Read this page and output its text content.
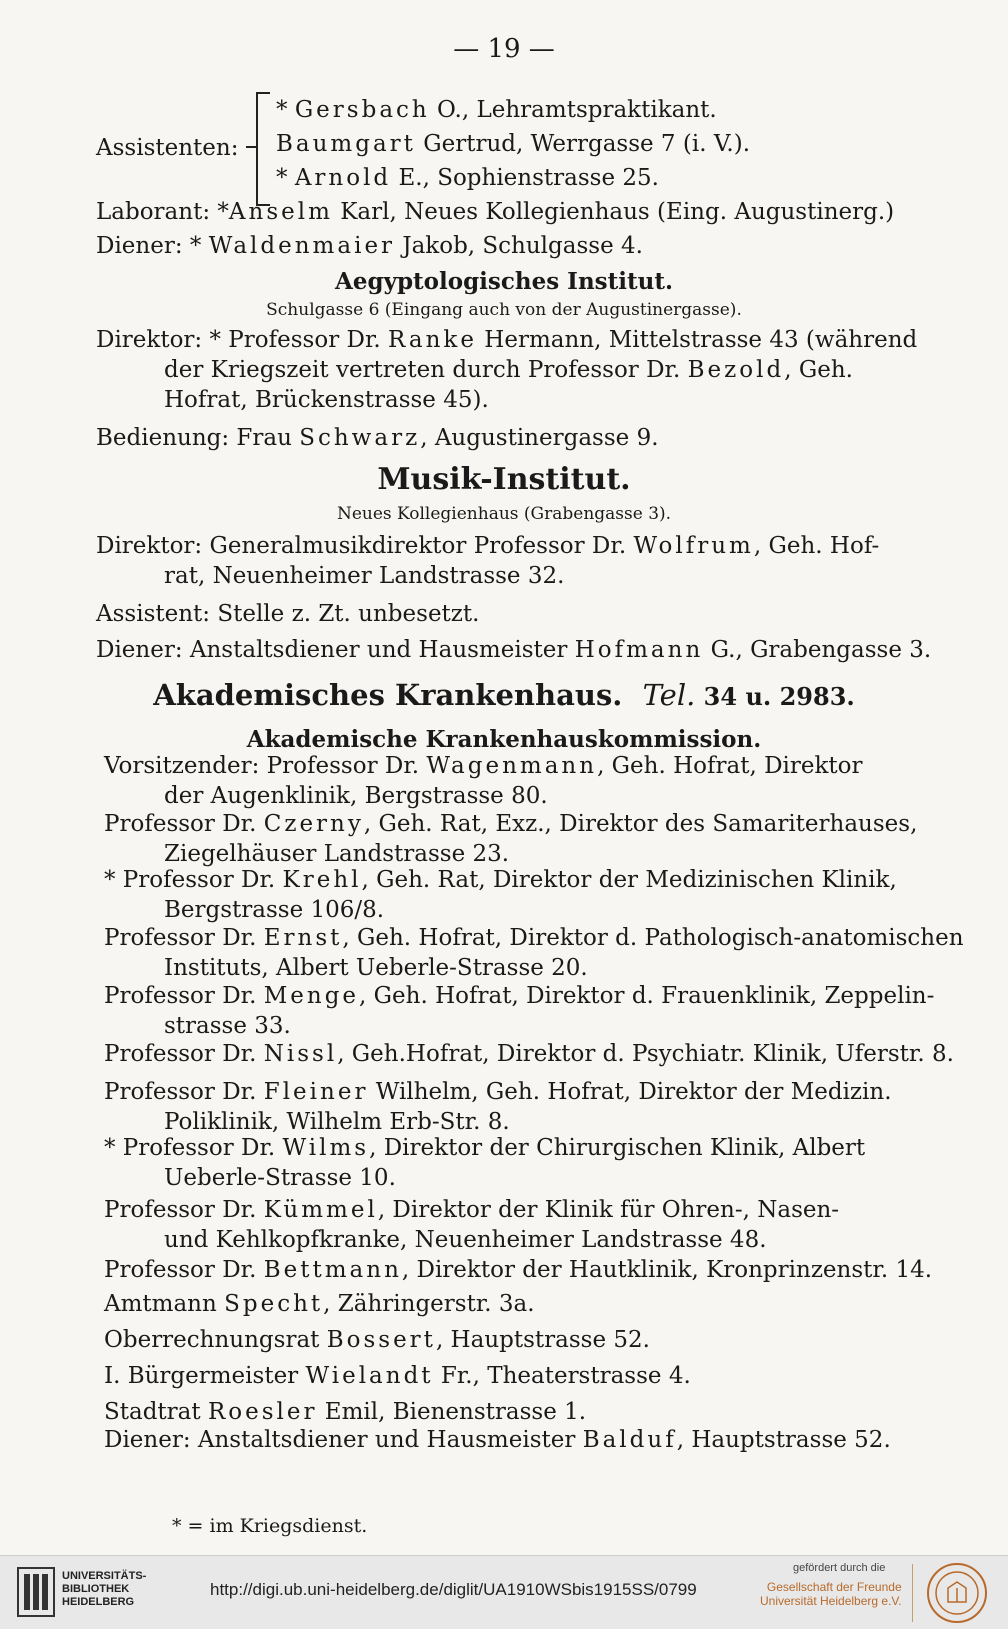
— 19 —
Assistenten:
* Gersbach O., Lehramtspraktikant.
Baumgart Gertrud, Werrgasse 7 (i. V.).
* Arnold E., Sophienstrasse 25.
Laborant: *Anselm Karl, Neues Kollegienhaus (Eing. Augustinerg.)
Diener: * Waldenmaier Jakob, Schulgasse 4.
Aegyptologisches Institut.
Schulgasse 6 (Eingang auch von der Augustinergasse).
Direktor: * Professor Dr. Ranke Hermann, Mittelstrasse 43 (während
der Kriegszeit vertreten durch Professor Dr. Bezold, Geh.
Hofrat, Brückenstrasse 45).
Bedienung: Frau Schwarz, Augustinergasse 9.
Musik-Institut.
Neues Kollegienhaus (Grabengasse 3).
Direktor: Generalmusikdirektor Professor Dr. Wolfrum, Geh. Hof-
rat, Neuenheimer Landstrasse 32.
Assistent: Stelle z. Zt. unbesetzt.
Diener: Anstaltsdiener und Hausmeister Hofmann G., Grabengasse 3.
Akademisches Krankenhaus. Tel. 34 u. 2983.
Akademische Krankenhauskommission.
Vorsitzender: Professor Dr. Wagenmann, Geh. Hofrat, Direktor
der Augenklinik, Bergstrasse 80.
Professor Dr. Czerny, Geh. Rat, Exz., Direktor des Samariterhauses,
Ziegelhäuser Landstrasse 23.
* Professor Dr. Krehl, Geh. Rat, Direktor der Medizinischen Klinik,
Bergstrasse 106/8.
Professor Dr. Ernst, Geh. Hofrat, Direktor d. Pathologisch-anatomischen
Instituts, Albert Ueberle-Strasse 20.
Professor Dr. Menge, Geh. Hofrat, Direktor d. Frauenklinik, Zeppelin-
strasse 33.
Professor Dr. Nissl, Geh.Hofrat, Direktor d. Psychiatr. Klinik, Uferstr. 8.
Professor Dr. Fleiner Wilhelm, Geh. Hofrat, Direktor der Medizin.
Poliklinik, Wilhelm Erb-Str. 8.
* Professor Dr. Wilms, Direktor der Chirurgischen Klinik, Albert
Ueberle-Strasse 10.
Professor Dr. Kümmel, Direktor der Klinik für Ohren-, Nasen-
und Kehlkopfkranke, Neuenheimer Landstrasse 48.
Professor Dr. Bettmann, Direktor der Hautklinik, Kronprinzenstr. 14.
Amtmann Specht, Zähringerstr. 3a.
Oberrechnungsrat Bossert, Hauptstrasse 52.
I. Bürgermeister Wielandt Fr., Theaterstrasse 4.
Stadtrat Roesler Emil, Bienenstrasse 1.
Diener: Anstaltsdiener und Hausmeister Balduf, Hauptstrasse 52.
* = im Kriegsdienst.
UNIVERSITÄTS-
BIBLIOTHEK
HEIDELBERG
http://digi.ub.uni-heidelberg.de/diglit/UA1910WSbis1915SS/0799
gefördert durch die
Gesellschaft der Freunde
Universität Heidelberg e.V.
